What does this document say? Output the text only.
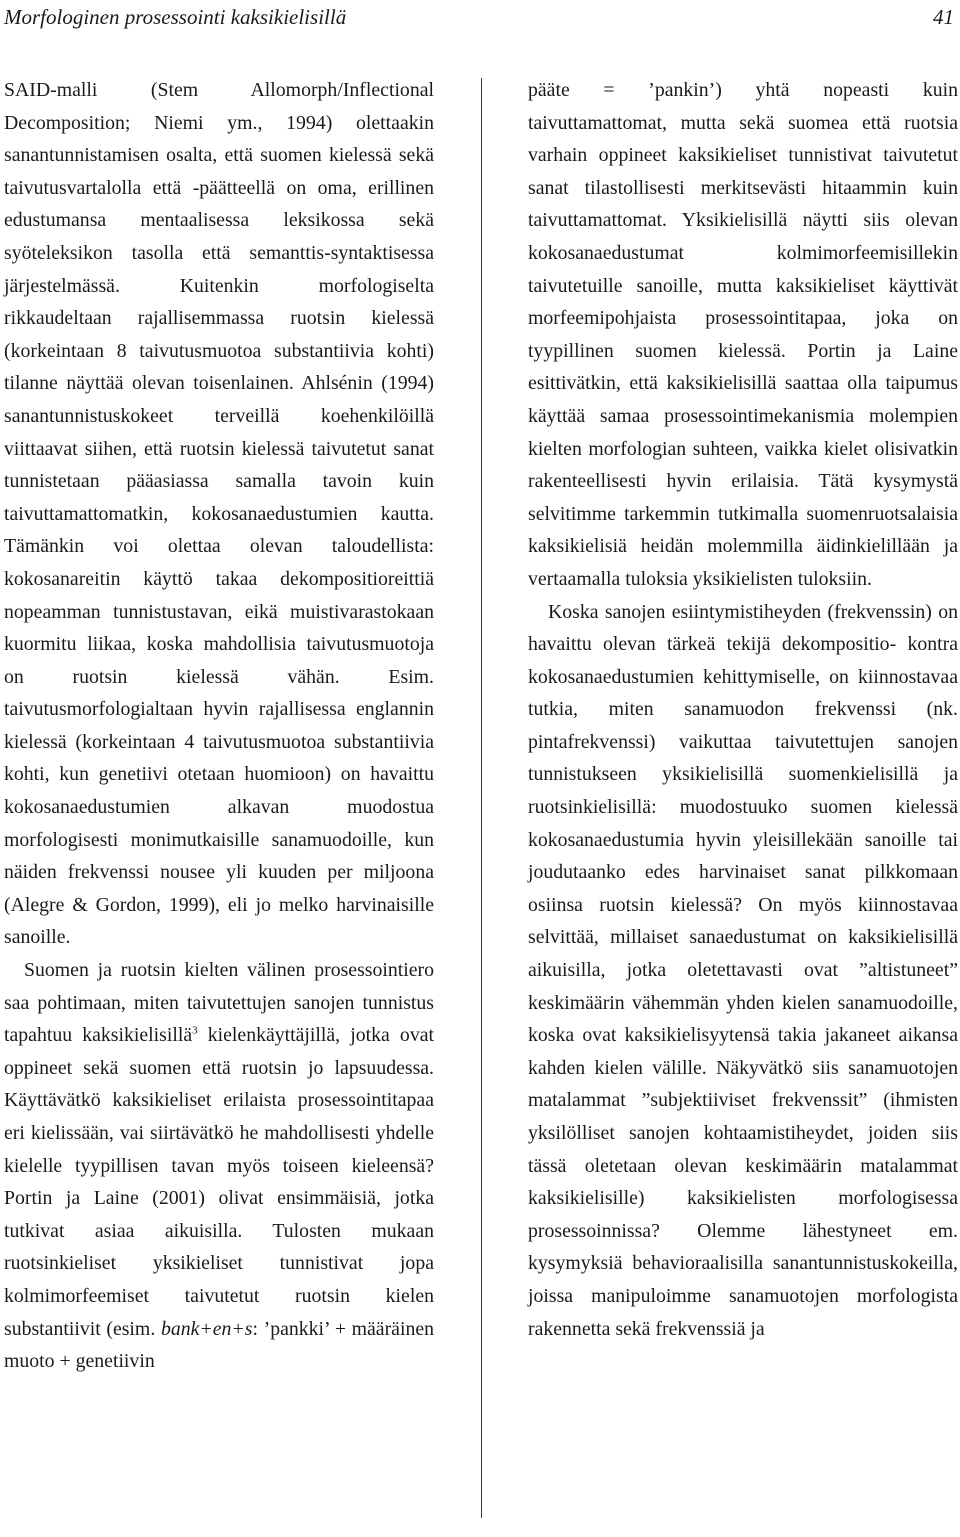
Morfologinen prosessointi kaksikielisillä	41

SAID-malli (Stem Allomorph/Inflectional Decomposition; Niemi ym., 1994) olettaakin sanantunnistamisen osalta, että suomen kielessä sekä taivutusvartalolla että -päätteellä on oma, erillinen edustumansa mentaalisessa leksikossa sekä syöteleksikon tasolla että semanttis-syntaktisessa järjestelmässä. Kuitenkin morfologiselta rikkaudeltaan rajallisemmassa ruotsin kielessä (korkeintaan 8 taivutusmuotoa substantiivia kohti) tilanne näyttää olevan toisenlainen. Ahlsénin (1994) sanantunnistuskokeet terveillä koehenkilöillä viittaavat siihen, että ruotsin kielessä taivutetut sanat tunnistetaan pääasiassa samalla tavoin kuin taivuttamattomatkin, kokosanaedustumien kautta. Tämänkin voi olettaa olevan taloudellista: kokosanareitin käyttö takaa dekompositioreittiä nopeamman tunnistustavan, eikä muistivarastokaan kuormitu liikaa, koska mahdollisia taivutusmuotoja on ruotsin kielessä vähän. Esim. taivutusmorfologialtaan hyvin rajallisessa englannin kielessä (korkeintaan 4 taivutusmuotoa substantiivia kohti, kun genetiivi otetaan huomioon) on havaittu kokosanaedustumien alkavan muodostua morfologisesti monimutkaisille sanamuodoille, kun näiden frekvenssi nousee yli kuuden per miljoona (Alegre & Gordon, 1999), eli jo melko harvinaisille sanoille.

Suomen ja ruotsin kielten välinen prosessointiero saa pohtimaan, miten taivutettujen sanojen tunnistus tapahtuu kaksikielisillä$^3$ kielenkäyttäjillä, jotka ovat oppineet sekä suomen että ruotsin jo lapsuudessa. Käyttävätkö kaksikieliset erilaista prosessointitapaa eri kielissään, vai siirtävätkö he mahdollisesti yhdelle kielelle tyypillisen tavan myös toiseen kieleensä? Portin ja Laine (2001) olivat ensimmäisiä, jotka tutkivat asiaa aikuisilla. Tulosten mukaan ruotsinkieliset yksikieliset tunnistivat jopa kolmimorfeemiset taivutetut ruotsin kielen substantiivit (esim. bank+en+s: ’pankki’ + määräinen muoto + genetiivin

pääte = ’pankin’) yhtä nopeasti kuin taivuttamattomat, mutta sekä suomea että ruotsia varhain oppineet kaksikieliset tunnistivat taivutetut sanat tilastollisesti merkitsevästi hitaammin kuin taivuttamattomat. Yksikielisillä näytti siis olevan kokosanaedustumat kolmimorfeemisillekin taivutetuille sanoille, mutta kaksikieliset käyttivät morfeemipohjaista prosessointitapaa, joka on tyypillinen suomen kielessä. Portin ja Laine esittivätkin, että kaksikielisillä saattaa olla taipumus käyttää samaa prosessointimekanismia molempien kielten morfologian suhteen, vaikka kielet olisivatkin rakenteellisesti hyvin erilaisia. Tätä kysymystä selvitimme tarkemmin tutkimalla suomenruotsalaisia kaksikielisiä heidän molemmilla äidinkielillään ja vertaamalla tuloksia yksikielisten tuloksiin.

Koska sanojen esiintymistiheyden (frekvenssin) on havaittu olevan tärkeä tekijä dekompositio- kontra kokosanaedustumien kehittymiselle, on kiinnostavaa tutkia, miten sanamuodon frekvenssi (nk. pintafrekvenssi) vaikuttaa taivutettujen sanojen tunnistukseen yksikielisillä suomenkielisillä ja ruotsinkielisillä: muodostuuko suomen kielessä kokosanaedustumia hyvin yleisillekään sanoille tai joudutaanko edes harvinaiset sanat pilkkomaan osiinsa ruotsin kielessä? On myös kiinnostavaa selvittää, millaiset sanaedustumat on kaksikielisillä aikuisilla, jotka oletettavasti ovat ”altistuneet” keskimäärin vähemmän yhden kielen sanamuodoille, koska ovat kaksikielisyytensä takia jakaneet aikansa kahden kielen välille. Näkyvätkö siis sanamuotojen matalammat ”subjektiiviset frekvenssit” (ihmisten yksilölliset sanojen kohtaamistiheydet, joiden siis tässä oletetaan olevan keskimäärin matalammat kaksikielisille) kaksikielisten morfologisessa prosessoinnissa? Olemme lähestyneet em. kysymyksiä behavioraalisilla sanantunnistuskokeilla, joissa manipuloimme sanamuotojen morfologista rakennetta sekä frekvenssiä ja
